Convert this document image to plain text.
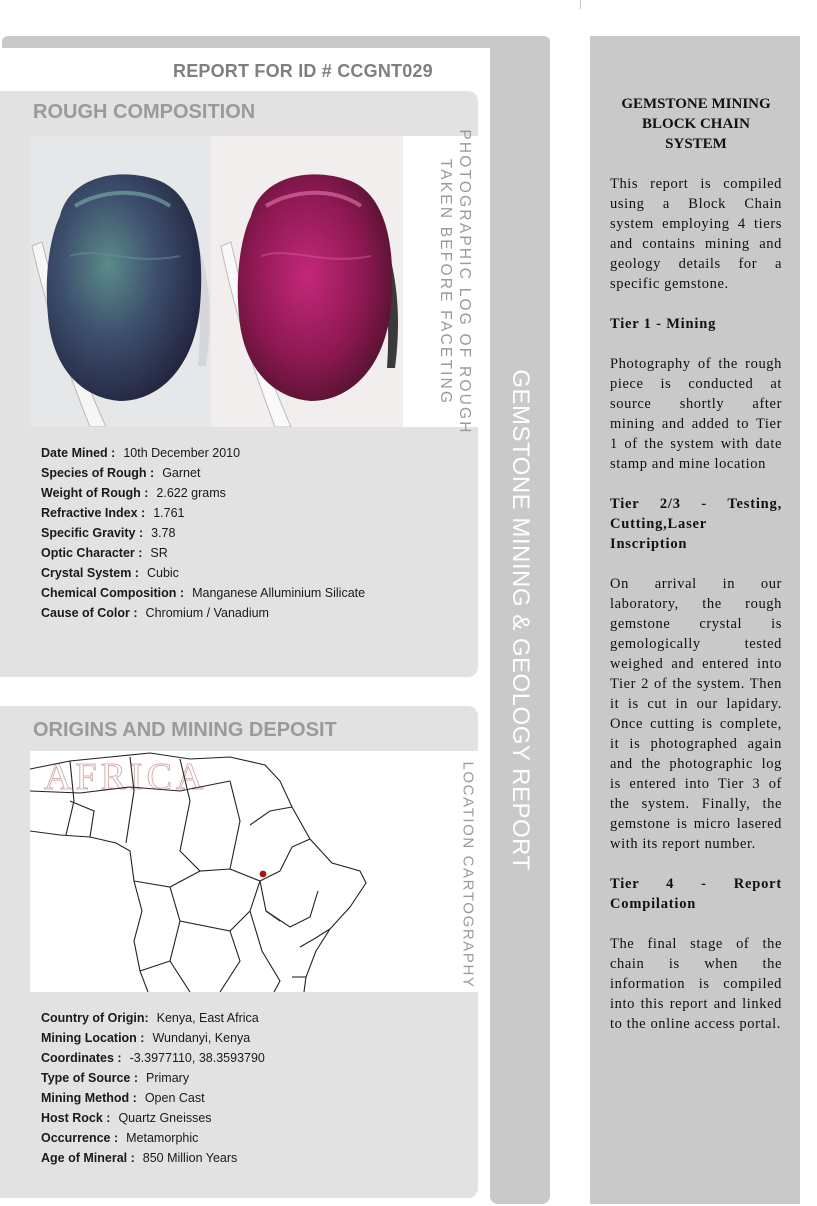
GEMSTONE MINING & GEOLOGY REPORT
REPORT FOR ID # CCGNT029
ROUGH COMPOSITION
PHOTOGRAPHIC LOG OF ROUGH
TAKEN BEFORE FACETING
Date Mined : 10th December 2010
Species of Rough : Garnet
Weight of Rough : 2.622 grams
Refractive Index : 1.761
Specific Gravity : 3.78
Optic Character : SR
Crystal System : Cubic
Chemical Composition : Manganese Alluminium Silicate
Cause of Color : Chromium / Vanadium
ORIGINS AND MINING DEPOSIT
AFRICA	LOCATION CARTOGRAPHY
Country of Origin: Kenya, East Africa
Mining Location : Wundanyi, Kenya
Coordinates : -3.3977110, 38.3593790
Type of Source : Primary
Mining Method : Open Cast
Host Rock : Quartz Gneisses
Occurrence : Metamorphic
Age of Mineral : 850 Million Years
GEMSTONE MINING BLOCK CHAIN SYSTEM

This report is compiled using a Block Chain system employing 4 tiers and contains mining and geology details for a specific gemstone.

Tier 1 - Mining

Photography of the rough piece is conducted at source shortly after mining and added to Tier 1 of the system with date stamp and mine location

Tier 2/3 - Testing, Cutting,Laser Inscription

On arrival in our laboratory, the rough gemstone crystal is gemologically tested weighed and entered into Tier 2 of the system. Then it is cut in our lapidary. Once cutting is complete, it is photographed again and the photographic log is entered into Tier 3 of the system. Finally, the gemstone is micro lasered with its report number.

Tier 4 - Report Compilation

The final stage of the chain is when the information is compiled into this report and linked to the online access portal.
